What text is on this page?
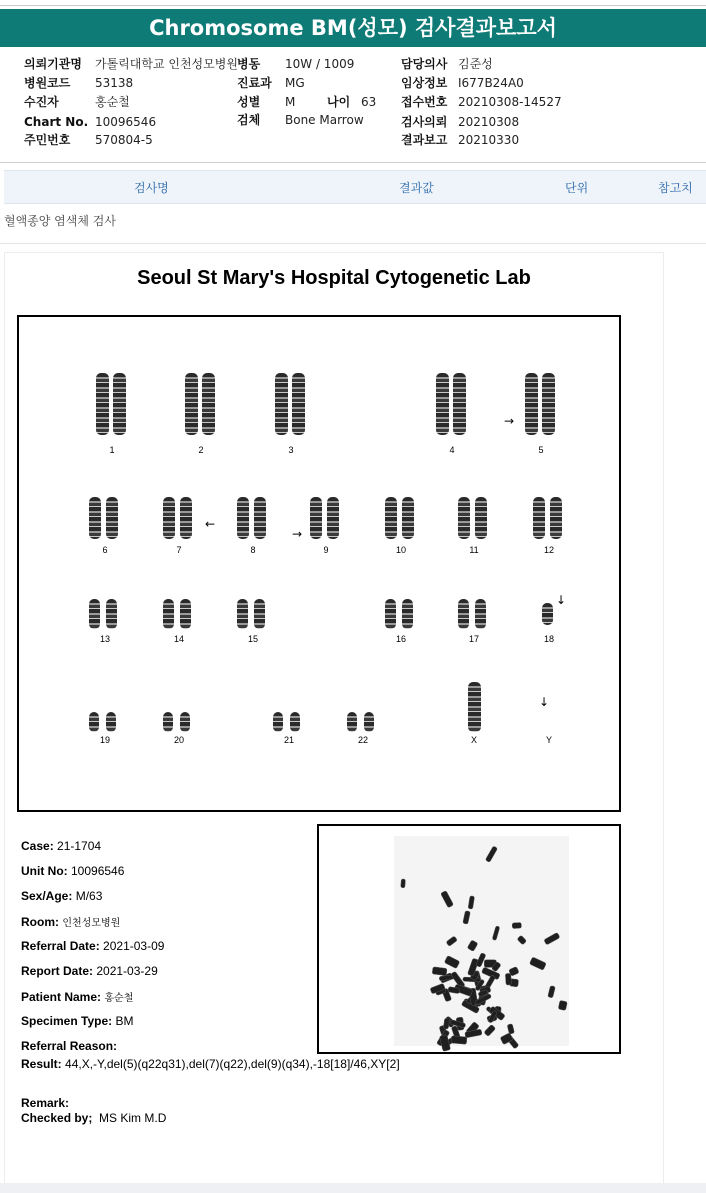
Chromosome BM(성모) 검사결과보고서
의뢰기관명 가톨릭대학교 인천성모병원 병동 10W / 1009	담당의사 김준성
병원코드 53138	진료과 MG	임상정보 I677B24A0
수진자	홍순철	성별 M	나이 63 접수번호 20210308-14527
Chart No. 10096546	검체 Bone Marrow	검사의뢰 20210308
주민번호 570804-5	결과보고 20210330
검사명	결과값	단위	참고치
혈액종양 염색체 검사
Seoul St Mary's Hospital Cytogenetic Lab
1	2	3	4	5
6	7	8	9	10	11	12
13	14	15	16	17	18
19	20	21	22	X	Y
→
←
→
↓
↓
Case: 21-1704
Unit No: 10096546
Sex/Age: M/63
Room: 인천성모병원
Referral Date: 2021-03-09
Report Date: 2021-03-29
Patient Name: 홍순철
Specimen Type: BM
Referral Reason:
Result: 44,X,-Y,del(5)(q22q31),del(7)(q22),del(9)(q34),-18[18]/46,XY[2]
Remark:
Checked by; MS Kim M.D
